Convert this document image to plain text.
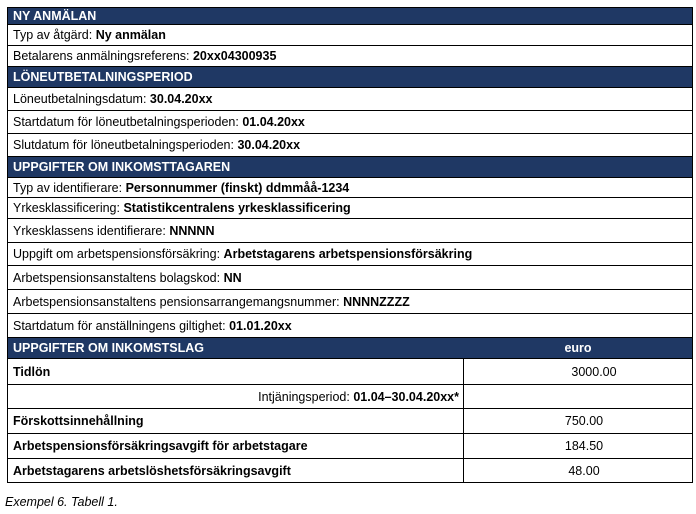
NY ANMÄLAN
Typ av åtgärd:
Ny anmälan
Betalarens anmälningsreferens:
20xx04300935
LÖNEUTBETALNINGSPERIOD
Löneutbetalningsdatum:
30.04.20xx
Startdatum för löneutbetalningsperioden:
01.04.20xx
Slutdatum för löneutbetalningsperioden:
30.04.20xx
UPPGIFTER OM INKOMSTTAGAREN
Typ av identifierare:
Personnummer (finskt) ddmmåå-1234
Yrkesklassificering:
Statistikcentralens yrkesklassificering
Yrkesklassens identifierare:
NNNNN
Uppgift om arbetspensionsförsäkring:
Arbetstagarens arbetspensionsförsäkring
Arbetspensionsanstaltens bolagskod:
NN
Arbetspensionsanstaltens pensionsarrangemangsnummer:
NNNNZZZZ
Startdatum för anställningens giltighet:
01.01.20xx
UPPGIFTER OM INKOMSTSLAG	euro
Tidlön	3000.00
Intjäningsperiod:
01.04–30.04.20xx*
Förskottsinnehållning	750.00
Arbetspensionsförsäkringsavgift för arbetstagare	184.50
Arbetstagarens arbetslöshetsförsäkringsavgift	48.00
Exempel 6. Tabell 1.
